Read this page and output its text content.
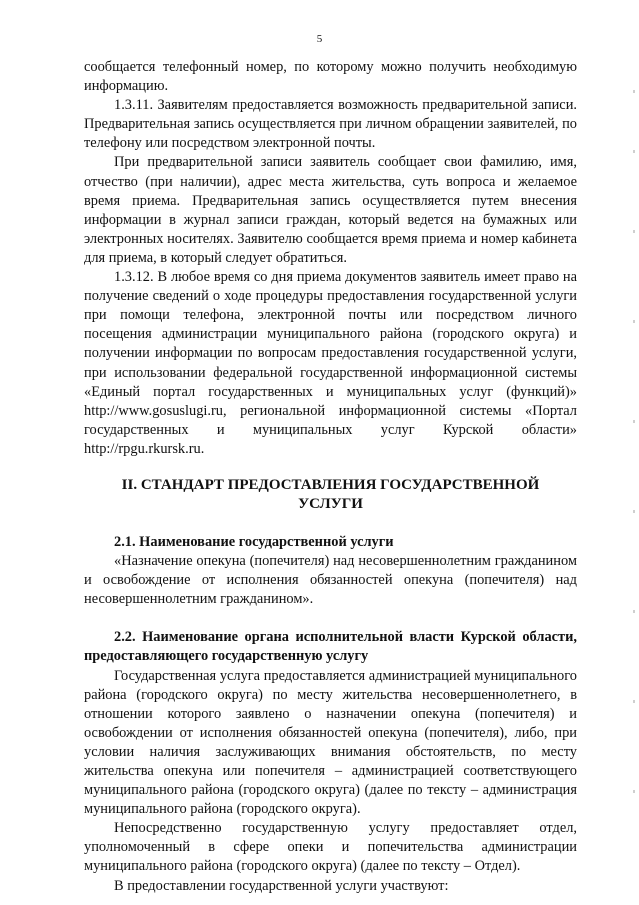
5

сообщается телефонный номер, по которому можно получить необходимую информацию.

1.3.11. Заявителям предоставляется возможность предварительной записи. Предварительная запись осуществляется при личном обращении заявителей, по телефону или посредством электронной почты.

При предварительной записи заявитель сообщает свои фамилию, имя, отчество (при наличии), адрес места жительства, суть вопроса и желаемое время приема. Предварительная запись осуществляется путем внесения информации в журнал записи граждан, который ведется на бумажных или электронных носителях. Заявителю сообщается время приема и номер кабинета для приема, в который следует обратиться.

1.3.12. В любое время со дня приема документов заявитель имеет право на получение сведений о ходе процедуры предоставления государственной услуги при помощи телефона, электронной почты или посредством личного посещения администрации муниципального района (городского округа) и получении информации по вопросам предоставления государственной услуги, при использовании федеральной государственной информационной системы «Единый портал государственных и муниципальных услуг (функций)» http://www.gosuslugi.ru, региональной информационной системы «Портал государственных и муниципальных услуг Курской области» http://rpgu.rkursk.ru.

II. СТАНДАРТ ПРЕДОСТАВЛЕНИЯ ГОСУДАРСТВЕННОЙ УСЛУГИ

2.1. Наименование государственной услуги

«Назначение опекуна (попечителя) над несовершеннолетним гражданином и освобождение от исполнения обязанностей опекуна (попечителя) над несовершеннолетним гражданином».

2.2. Наименование органа исполнительной власти Курской области, предоставляющего государственную услугу

Государственная услуга предоставляется администрацией муниципального района (городского округа) по месту жительства несовершеннолетнего, в отношении которого заявлено о назначении опекуна (попечителя) и освобождении от исполнения обязанностей опекуна (попечителя), либо, при условии наличия заслуживающих внимания обстоятельств, по месту жительства опекуна или попечителя – администрацией соответствующего муниципального района (городского округа) (далее по тексту – администрация муниципального района (городского округа).

Непосредственно государственную услугу предоставляет отдел, уполномоченный в сфере опеки и попечительства администрации муниципального района (городского округа) (далее по тексту – Отдел).

В предоставлении государственной услуги участвуют:
